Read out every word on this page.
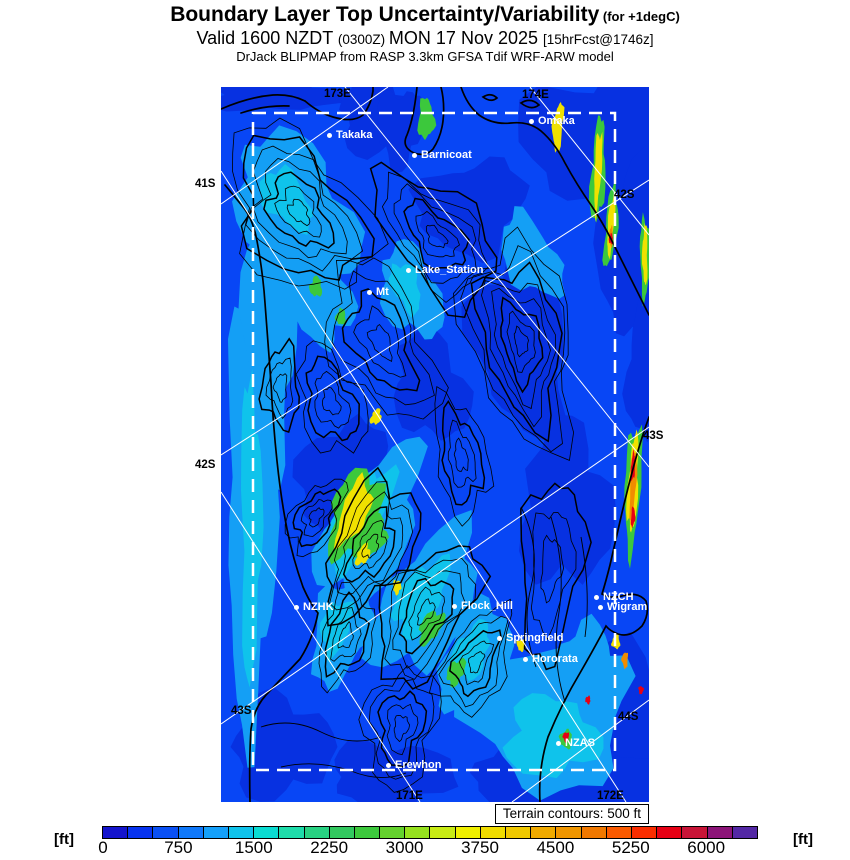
Boundary Layer Top Uncertainty/Variability (for +1degC)
Valid 1600 NZDT (0300Z) MON 17 Nov 2025 [15hrFcst@1746z]
DrJack BLIPMAP from RASP 3.3km GFSA Tdif WRF-ARW model
Takaka
Barnicoat
Omaka
Lake_Station
Mt
NZHK	Flock_Hill
Springfield
Hororata
NZCH
Wigram
NZAS
Erewhon
41S
42S
43S
42S
43S
44S
173E	174E
171E	172E
Terrain contours: 500 ft
[ft] 0	750 1500 2250 3000 3750 4500 5250 6000	[ft]
